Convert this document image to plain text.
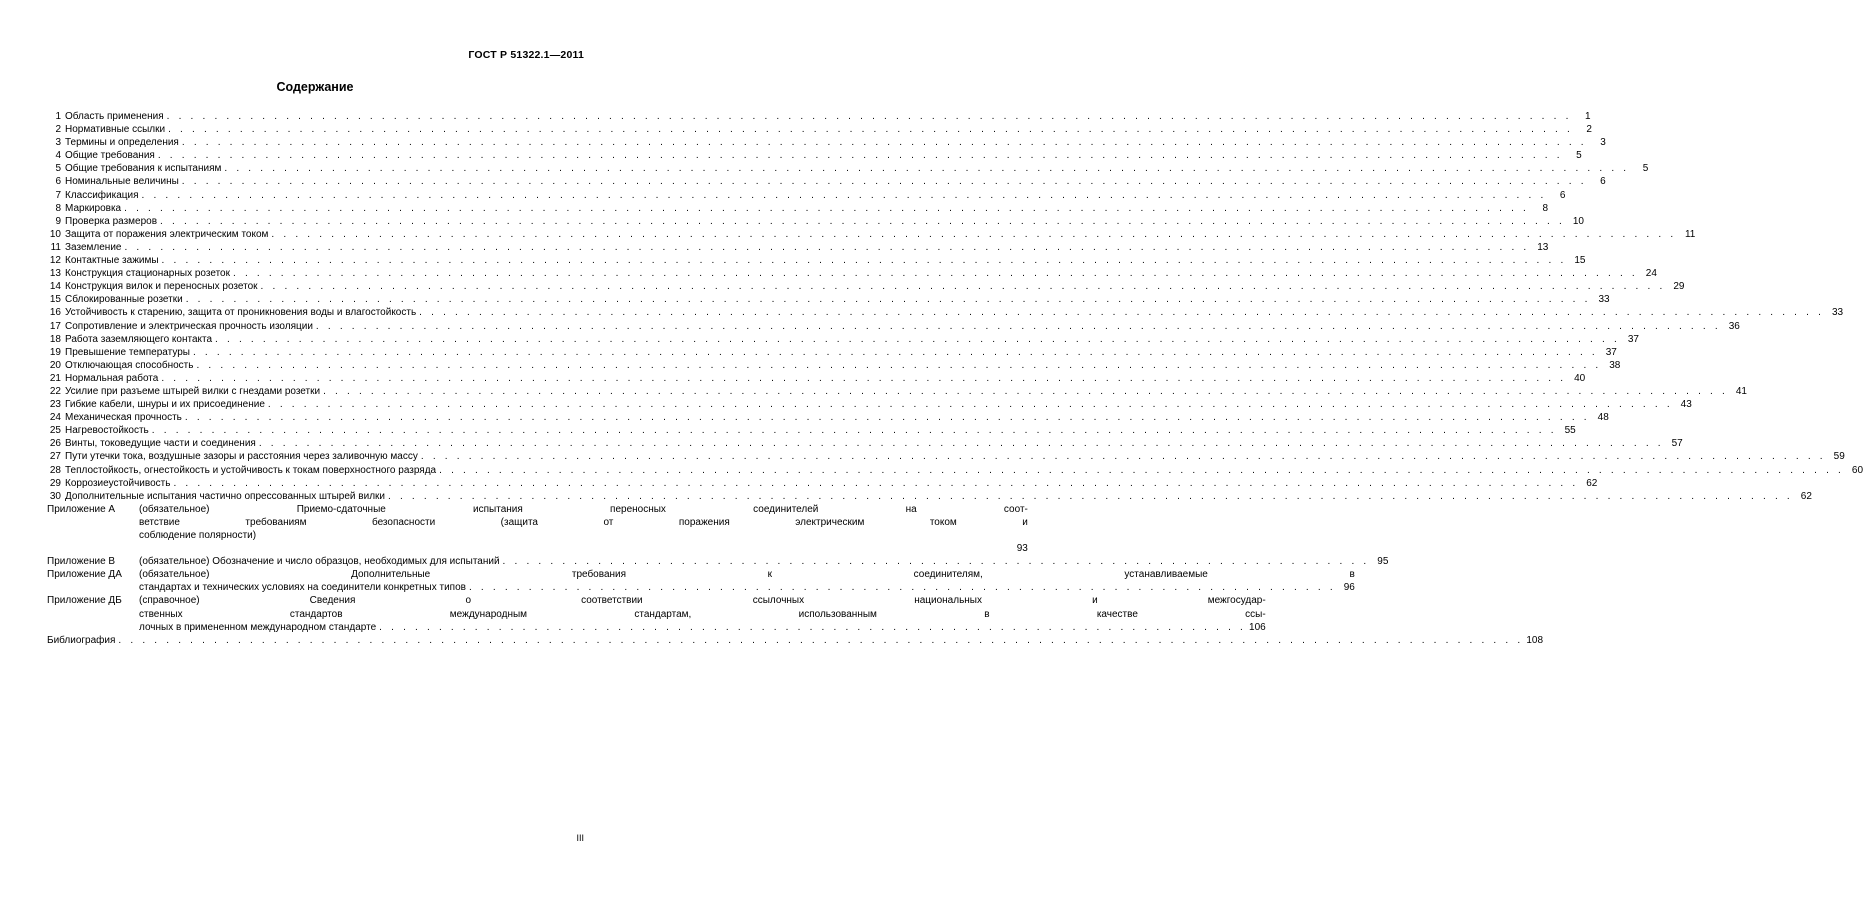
ГОСТ Р 51322.1—2011
Содержание
1 Область применения . . .	1
2 Нормативные ссылки . . .	2
3 Термины и определения . . .	3
4 Общие требования . . .	5
5 Общие требования к испытаниям . . .	5
6 Номинальные величины . . .	6
7 Классификация . . .	6
8 Маркировка . . .	8
9 Проверка размеров . . .	10
10 Защита от поражения электрическим током . . .	11
11 Заземление . . .	13
12 Контактные зажимы . . .	15
13 Конструкция стационарных розеток . . .	24
14 Конструкция вилок и переносных розеток . . .	29
15 Сблокированные розетки . . .	33
16 Устойчивость к старению, защита от проникновения воды и влагостойкость . . .	33
17 Сопротивление и электрическая прочность изоляции . . .	36
18 Работа заземляющего контакта . . .	37
19 Превышение температуры . . .	37
20 Отключающая способность . . .	38
21 Нормальная работа . . .	40
22 Усилие при разъеме штырей вилки с гнездами розетки . . .	41
23 Гибкие кабели, шнуры и их присоединение . . .	43
24 Механическая прочность . . .	48
25 Нагревостойкость . . .	55
26 Винты, токоведущие части и соединения . . .	57
27 Пути утечки тока, воздушные зазоры и расстояния через заливочную массу . . .	59
28 Теплостойкость, огнестойкость и устойчивость к токам поверхностного разряда . . .	60
29 Коррозиеустойчивость . . .	62
30 Дополнительные испытания частично опрессованных штырей вилки . . .	62
Приложение А	(обязательное) Приемо-сдаточные испытания переносных соединителей на соот-
ветствие требованиям безопасности (защита от поражения электрическим током и
соблюдение полярности)
93
Приложение В	(обязательное) Обозначение и число образцов, необходимых для испытаний . . .	95
Приложение ДА	(обязательное) Дополнительные требования к соединителям, устанавливаемые в
стандартах и технических условиях на соединители конкретных типов . . .	96
Приложение ДБ	(справочное) Сведения о соответствии ссылочных национальных и межгосудар-
ственных стандартов международным стандартам, использованным в качестве ссы-
лочных в примененном международном стандарте . . .	106
Библиография . . .	108
III
